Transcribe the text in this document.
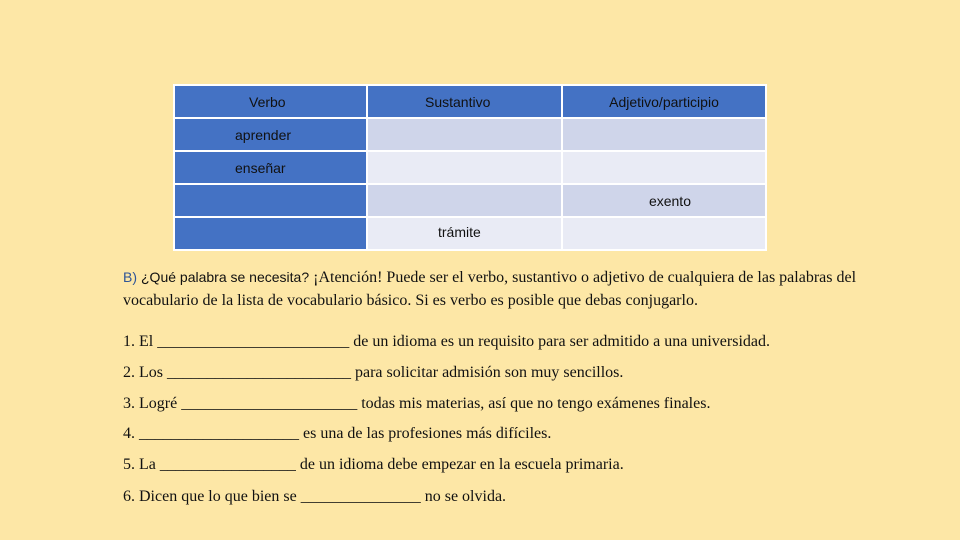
Verbo	Sustantivo	Adjetivo/participio
aprender		
enseñar		
		exento

	trámite	

B) ¿Qué palabra se necesita? ¡Atención! Puede ser el verbo, sustantivo o adjetivo de cualquiera de las palabras del vocabulario de la lista de vocabulario básico. Si es verbo es posible que debas conjugarlo.
1. El ________________________ de un idioma es un requisito para ser admitido a una universidad.
2. Los _______________________ para solicitar admisión son muy sencillos.
3. Logré ______________________ todas mis materias, así que no tengo exámenes finales.
4. ____________________ es una de las profesiones más difíciles.
5. La _________________ de un idioma debe empezar en la escuela primaria.
6. Dicen que lo que bien se _______________ no se olvida.
